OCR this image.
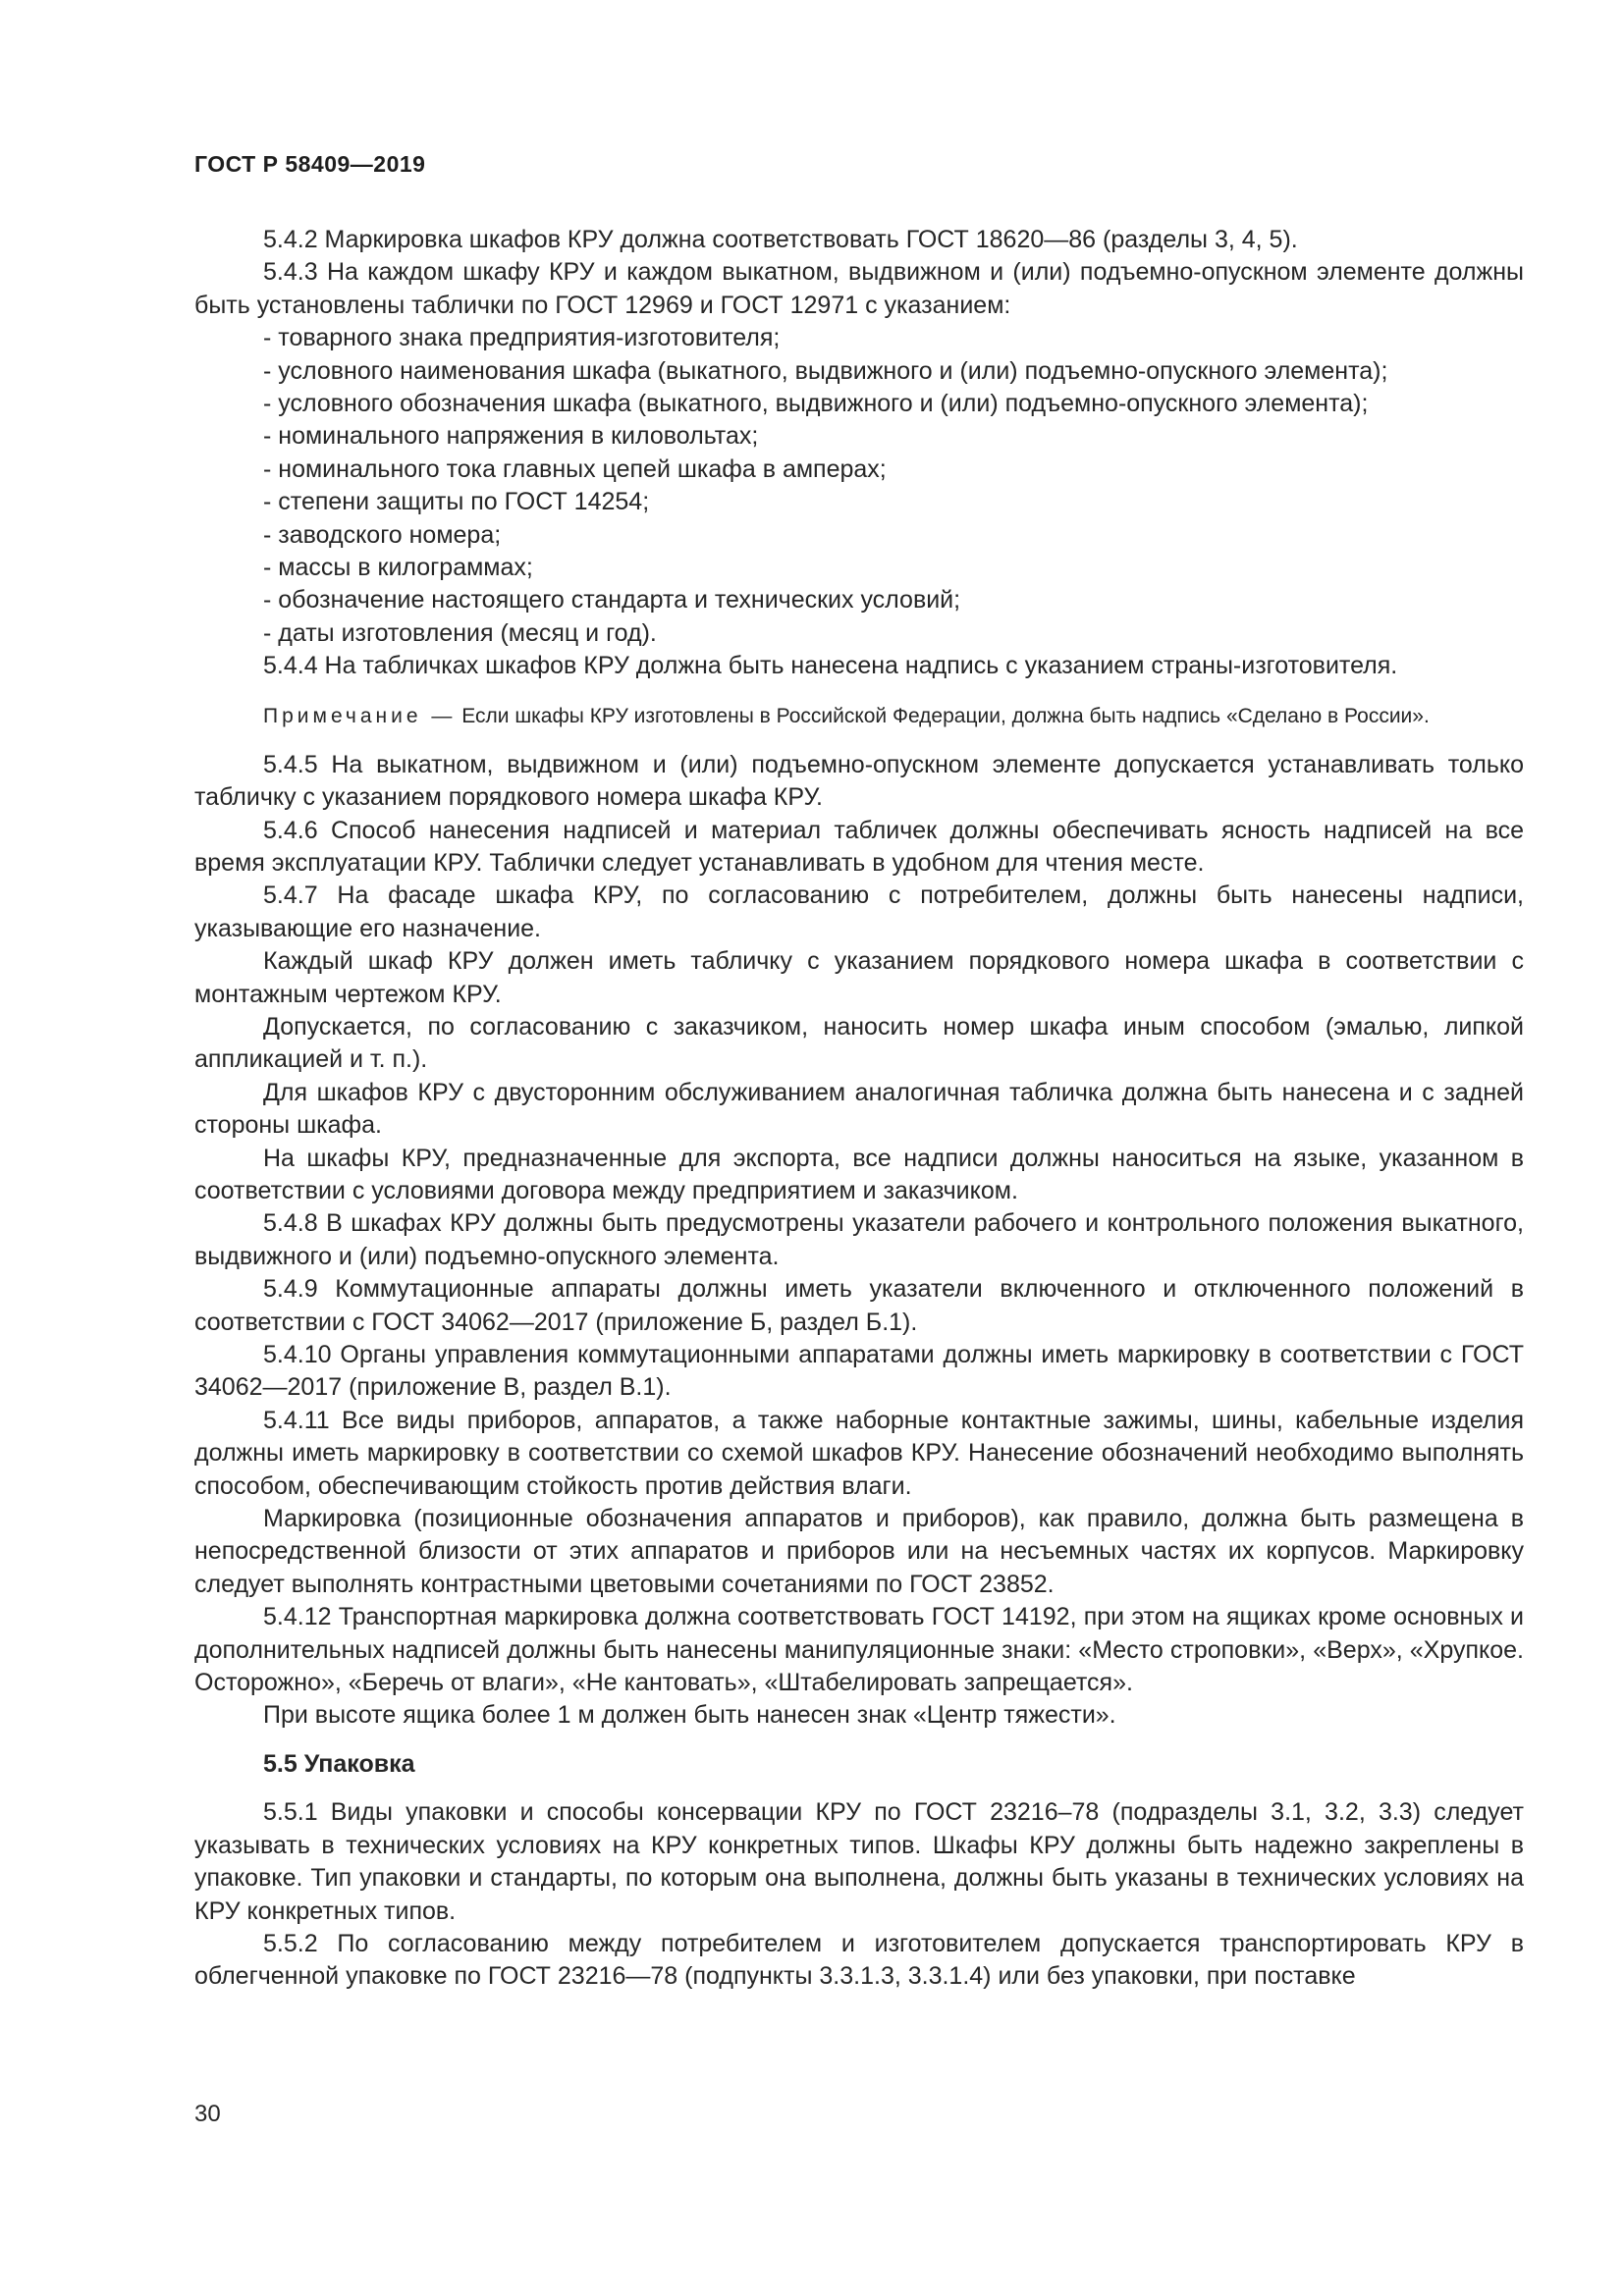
ГОСТ Р 58409—2019
5.4.2 Маркировка шкафов КРУ должна соответствовать ГОСТ 18620—86 (разделы 3, 4, 5).
5.4.3 На каждом шкафу КРУ и каждом выкатном, выдвижном и (или) подъемно-опускном элементе должны быть установлены таблички по ГОСТ 12969 и ГОСТ 12971 с указанием:
- товарного знака предприятия-изготовителя;
- условного наименования шкафа (выкатного, выдвижного и (или) подъемно-опускного элемента);
- условного обозначения шкафа (выкатного, выдвижного и (или) подъемно-опускного элемента);
- номинального напряжения в киловольтах;
- номинального тока главных цепей шкафа в амперах;
- степени защиты по ГОСТ 14254;
- заводского номера;
- массы в килограммах;
- обозначение настоящего стандарта и технических условий;
- даты изготовления (месяц и год).
5.4.4 На табличках шкафов КРУ должна быть нанесена надпись с указанием страны-изготовителя.
Примечание — Если шкафы КРУ изготовлены в Российской Федерации, должна быть надпись «Сделано в России».
5.4.5 На выкатном, выдвижном и (или) подъемно-опускном элементе допускается устанавливать только табличку с указанием порядкового номера шкафа КРУ.
5.4.6 Способ нанесения надписей и материал табличек должны обеспечивать ясность надписей на все время эксплуатации КРУ. Таблички следует устанавливать в удобном для чтения месте.
5.4.7 На фасаде шкафа КРУ, по согласованию с потребителем, должны быть нанесены надписи, указывающие его назначение.
Каждый шкаф КРУ должен иметь табличку с указанием порядкового номера шкафа в соответствии с монтажным чертежом КРУ.
Допускается, по согласованию с заказчиком, наносить номер шкафа иным способом (эмалью, липкой аппликацией и т. п.).
Для шкафов КРУ с двусторонним обслуживанием аналогичная табличка должна быть нанесена и с задней стороны шкафа.
На шкафы КРУ, предназначенные для экспорта, все надписи должны наноситься на языке, указанном в соответствии с условиями договора между предприятием и заказчиком.
5.4.8 В шкафах КРУ должны быть предусмотрены указатели рабочего и контрольного положения выкатного, выдвижного и (или) подъемно-опускного элемента.
5.4.9 Коммутационные аппараты должны иметь указатели включенного и отключенного положений в соответствии с ГОСТ 34062—2017 (приложение Б, раздел Б.1).
5.4.10 Органы управления коммутационными аппаратами должны иметь маркировку в соответствии с ГОСТ 34062—2017 (приложение В, раздел В.1).
5.4.11 Все виды приборов, аппаратов, а также наборные контактные зажимы, шины, кабельные изделия должны иметь маркировку в соответствии со схемой шкафов КРУ. Нанесение обозначений необходимо выполнять способом, обеспечивающим стойкость против действия влаги.
Маркировка (позиционные обозначения аппаратов и приборов), как правило, должна быть размещена в непосредственной близости от этих аппаратов и приборов или на несъемных частях их корпусов. Маркировку следует выполнять контрастными цветовыми сочетаниями по ГОСТ 23852.
5.4.12 Транспортная маркировка должна соответствовать ГОСТ 14192, при этом на ящиках кроме основных и дополнительных надписей должны быть нанесены манипуляционные знаки: «Место строповки», «Верх», «Хрупкое. Осторожно», «Беречь от влаги», «Не кантовать», «Штабелировать запрещается».
При высоте ящика более 1 м должен быть нанесен знак «Центр тяжести».
5.5 Упаковка
5.5.1 Виды упаковки и способы консервации КРУ по ГОСТ 23216–78 (подразделы 3.1, 3.2, 3.3) следует указывать в технических условиях на КРУ конкретных типов. Шкафы КРУ должны быть надежно закреплены в упаковке. Тип упаковки и стандарты, по которым она выполнена, должны быть указаны в технических условиях на КРУ конкретных типов.
5.5.2 По согласованию между потребителем и изготовителем допускается транспортировать КРУ в облегченной упаковке по ГОСТ 23216—78 (подпункты 3.3.1.3, 3.3.1.4) или без упаковки, при поставке
30
